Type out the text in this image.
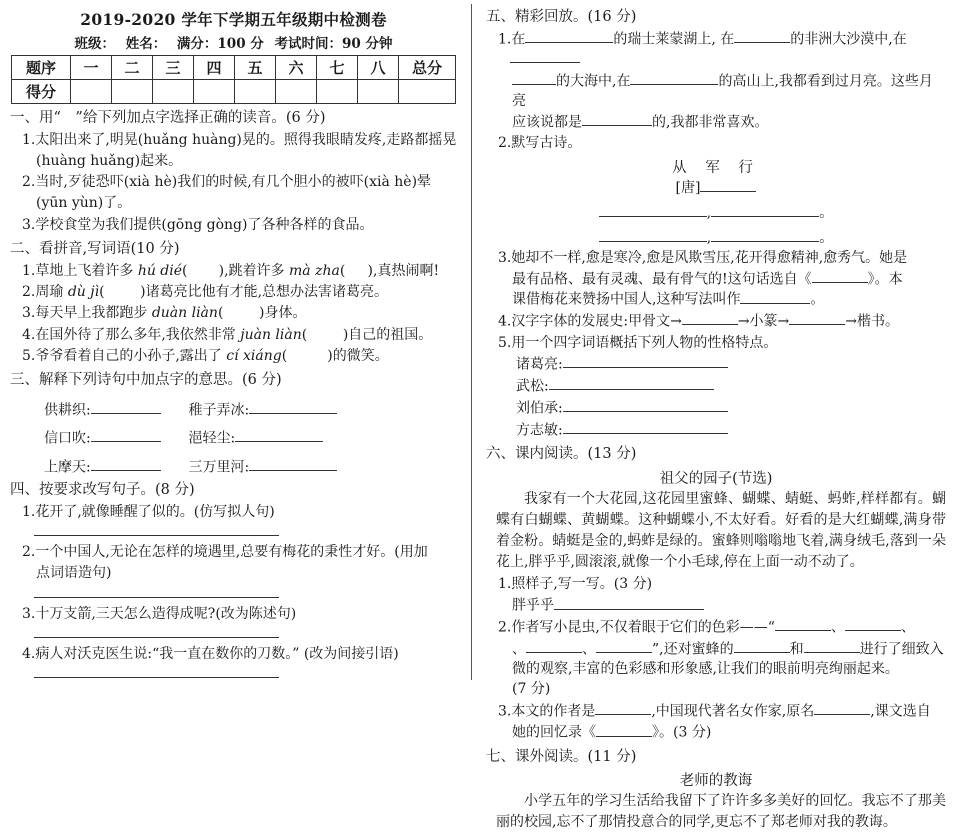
2019-2020 学年下学期五年级期中检测卷
班级： 姓名： 满分：100 分 考试时间：90 分钟
题序	一	二	三	四	五	六	七	八	总分
得分									
一、用“　”给下列加点字选择正确的读音。(6 分)
1.太阳出来了,明晃(huǎng huàng)晃的。照得我眼睛发疼,走路都摇晃
(huàng huǎng)起来。
2.当时,歹徒恐吓(xià hè)我们的时候,有几个胆小的被吓(xià hè)晕
(yūn yùn)了。
3.学校食堂为我们提供(gōng gòng)了各种各样的食品。
二、看拼音,写词语(10 分)
1.草地上飞着许多 hú dié(       ),跳着许多 mà zha(     ),真热闹啊!
2.周瑜 dù jì(        )诸葛亮比他有才能,总想办法害诸葛亮。
3.每天早上我都跑步 duàn liàn(        )身体。
4.在国外待了那么多年,我依然非常 juàn liàn(        )自己的祖国。
5.爷爷看着自己的小孙子,露出了 cí xiáng(         )的微笑。
三、解释下列诗句中加点字的意思。(6 分)
供耕织:	稚子弄冰:
信口吹:	浥轻尘:
上摩天:	三万里河:
四、按要求改写句子。(8 分)
1.花开了,就像睡醒了似的。(仿写拟人句)
2.一个中国人,无论在怎样的境遇里,总要有梅花的秉性才好。(用加
点词语造句)
3.十万支箭,三天怎么造得成呢?(改为陈述句)
4.病人对沃克医生说:“我一直在数你的刀数。” (改为间接引语)
五、精彩回放。(16 分)
1.在	的瑞士莱蒙湖上, 在	的非洲大沙漠中,在
的大海中,在	的高山上,我都看到过月亮。这些月亮
应该说都是	的,我都非常喜欢。
2.默写古诗。
从 军 行
[唐]
,	。
,	。
3.她却不一样,愈是寒冷,愈是风欺雪压,花开得愈精神,愈秀气。她是
最有品格、最有灵魂、最有骨气的!这句话选自《	》。本
课借梅花来赞扬中国人,这种写法叫作	。
4.汉字字体的发展史:甲骨文→	→小篆→	→楷书。
5.用一个四字词语概括下列人物的性格特点。
诸葛亮:
武松:
刘伯承:
方志敏:
六、课内阅读。(13 分)
祖父的园子(节选)
我家有一个大花园,这花园里蜜蜂、蝴蝶、蜻蜓、蚂蚱,样样都有。蝴蝶有白蝴蝶、黄蝴蝶。这种蝴蝶小,不太好看。好看的是大红蝴蝶,满身带着金粉。蜻蜓是金的,蚂蚱是绿的。蜜蜂则嗡嗡地飞着,满身绒毛,落到一朵花上,胖乎乎,圆滚滚,就像一个小毛球,停在上面一动不动了。
1.照样子,写一写。(3 分)
胖乎乎
2.作者写小昆虫,不仅着眼于它们的色彩——“	、	、
、	、	”,还对蜜蜂的	和	进行了细致入
微的观察,丰富的色彩感和形象感,让我们的眼前明亮绚丽起来。
(7 分)
3.本文的作者是	,中国现代著名女作家,原名	,课文选自
她的回忆录《	》。(3 分)
七、课外阅读。(11 分)
老师的教诲
小学五年的学习生活给我留下了许许多多美好的回忆。我忘不了那美丽的校园,忘不了那情投意合的同学,更忘不了郑老师对我的教诲。
